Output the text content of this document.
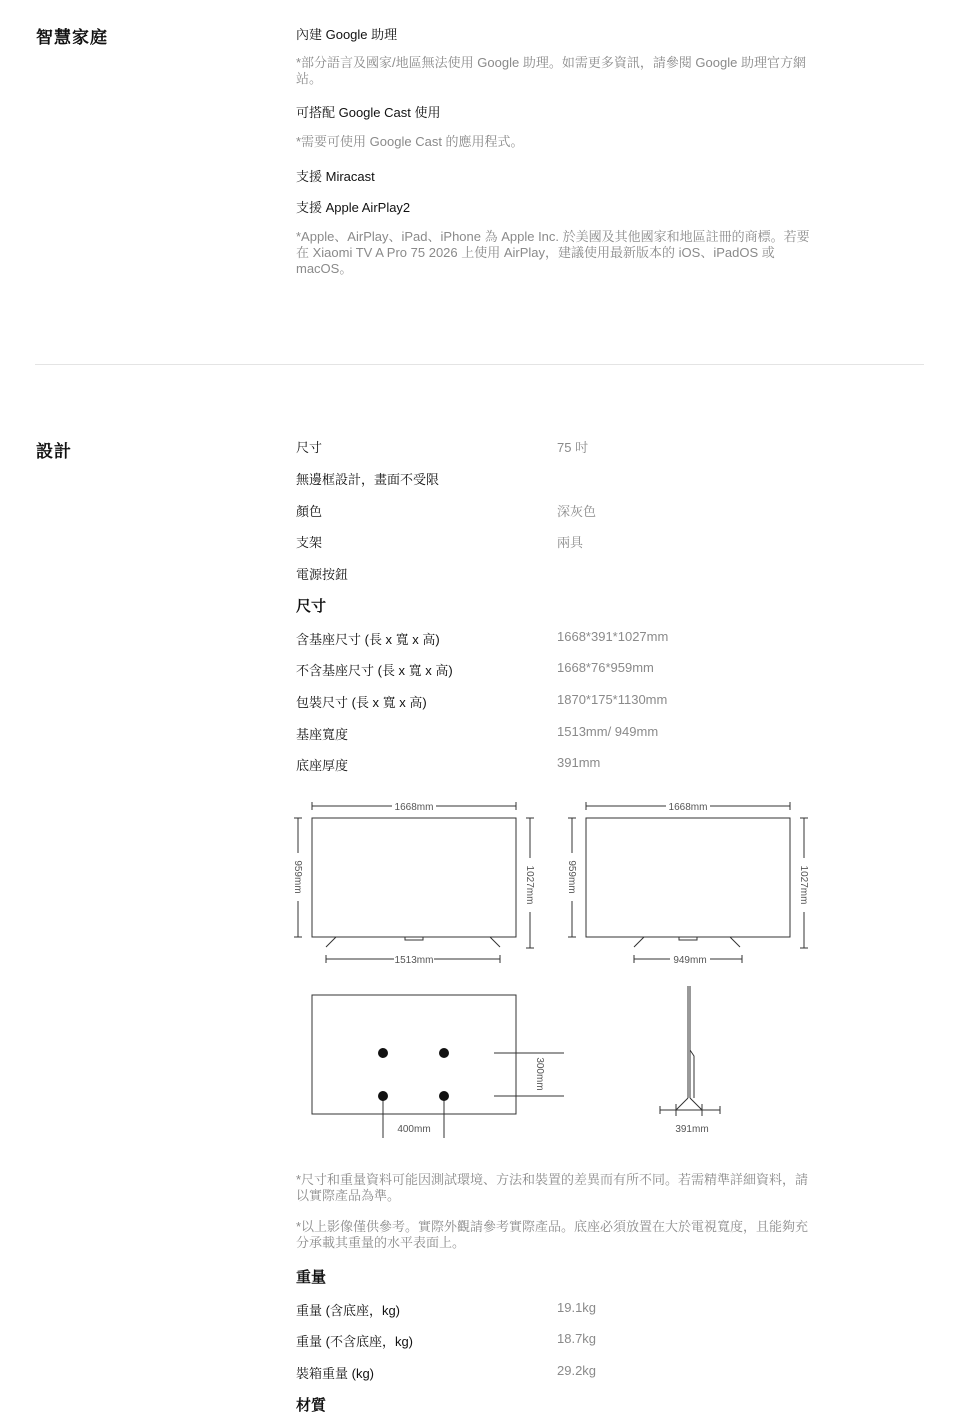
智慧家庭	內建 Google 助理
*部分語言及國家/地區無法使用 Google 助理。如需更多資訊，請參閱 Google 助理官方網站。
可搭配 Google Cast 使用
*需要可使用 Google Cast 的應用程式。
支援 Miracast
支援 Apple AirPlay2
*Apple、AirPlay、iPad、iPhone 為 Apple Inc. 於美國及其他國家和地區註冊的商標。若要在 Xiaomi TV A Pro 75 2026 上使用 AirPlay，建議使用最新版本的 iOS、iPadOS 或 macOS。
設計	尺寸	75 吋
無邊框設計，畫面不受限
顏色	深灰色
支架	兩具
電源按鈕
尺寸
含基座尺寸 (長 x 寬 x 高)	1668*391*1027mm
不含基座尺寸 (長 x 寬 x 高)	1668*76*959mm
包裝尺寸 (長 x 寬 x 高)	1870*175*1130mm
基座寬度	1513mm/ 949mm
底座厚度	391mm
1668mm	1668mm
1513mm	949mm
959mm	959mm
1027mm	1027mm
300mm
400mm	391mm
*尺寸和重量資料可能因測試環境、方法和裝置的差異而有所不同。若需精準詳細資料，請以實際產品為準。
*以上影像僅供參考。實際外觀請參考實際產品。底座必須放置在大於電視寬度，且能夠充分承載其重量的水平表面上。
重量
重量 (含底座，kg)	19.1kg
重量 (不含底座，kg)	18.7kg
裝箱重量 (kg)	29.2kg
材質
